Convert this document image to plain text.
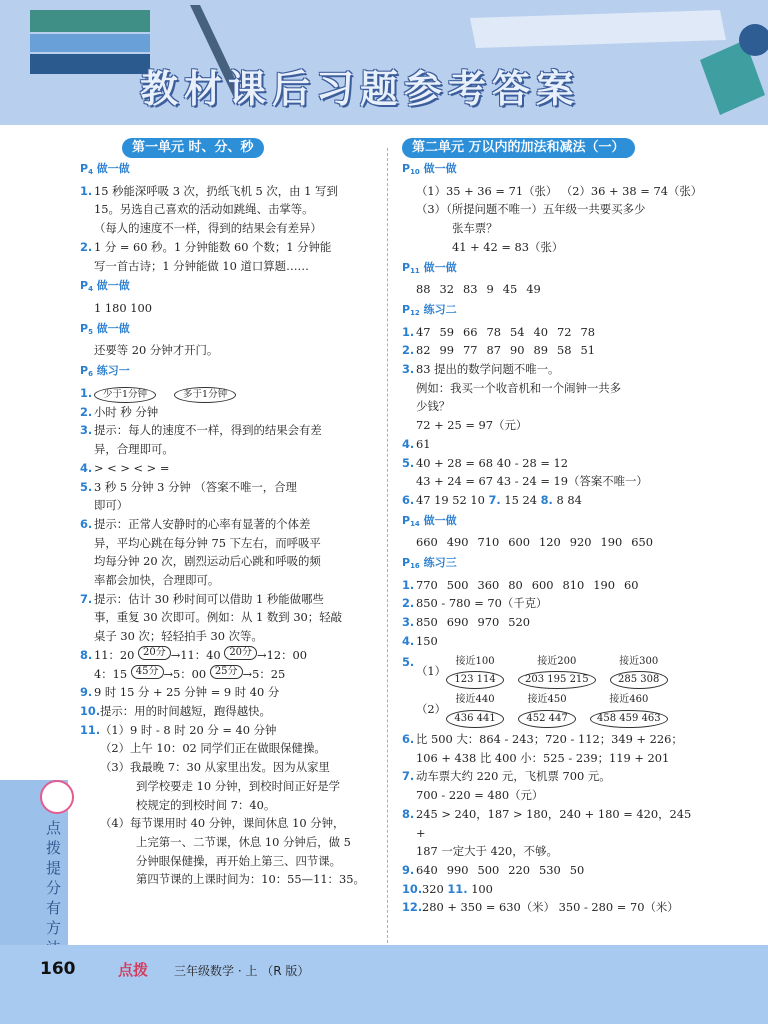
教材课后习题参考答案
第一单元 时、分、秒
$P_4$ 做一做
1. 15 秒能深呼吸 3 次，扔纸飞机 5 次，由 1 写到
15。另选自己喜欢的活动如跳绳、击掌等。
（每人的速度不一样，得到的结果会有差异）
2. 1 分 = 60 秒。1 分钟能数 60 个数；1 分钟能
写一首古诗；1 分钟能做 10 道口算题……
$P_4$ 做一做
1 180 100
$P_5$ 做一做
还要等 20 分钟才开门。
$P_6$ 练习一
1. 少于1分钟	多于1分钟
2. 小时 秒 分钟
3. 提示：每人的速度不一样，得到的结果会有差
异，合理即可。
4. > < > < > =
5. 3 秒 5 分钟 3 分钟 （答案不唯一，合理
即可）
6. 提示：正常人安静时的心率有显著的个体差
异，平均心跳在每分钟 75 下左右，而呼吸平
均每分钟 20 次，剧烈运动后心跳和呼吸的频
率都会加快，合理即可。
7. 提示：估计 30 秒时间可以借助 1 秒能做哪些
事，重复 30 次即可。例如：从 1 数到 30；轻敲
桌子 30 次；轻轻拍手 30 次等。
8. 11：20 20分 →11：40 20分 →12：00
4：15 45分 →5：00 25分 →5：25
9. 9 时 15 分 + 25 分钟 = 9 时 40 分
10. 提示：用的时间越短，跑得越快。
11. （1）9 时 - 8 时 20 分 = 40 分钟
（2）上午 10：02 同学们正在做眼保健操。
（3）我最晚 7：30 从家里出发。因为从家里
到学校要走 10 分钟，到校时间正好是学
校规定的到校时间 7：40。
（4）每节课用时 40 分钟，课间休息 10 分钟，
上完第一、二节课，休息 10 分钟后，做 5
分钟眼保健操，再开始上第三、四节课。
第四节课的上课时间为：10：55—11：35。
第二单元 万以内的加法和减法（一）
$P_{10}$ 做一做
（1）35 + 36 = 71（张） （2）36 + 38 = 74（张）
（3）（所提问题不唯一）五年级一共要买多少
张车票？
41 + 42 = 83（张）
$P_{11}$ 做一做
88 32 83 9 45 49
$P_{12}$ 练习二
1. 47 59 66 78 54 40 72 78
2. 82 99 77 87 90 89 58 51
3. 83 提出的数学问题不唯一。
例如：我买一个收音机和一个闹钟一共多
少钱？
72 + 25 = 97（元）
4. 61
5. 40 + 28 = 68 40 - 28 = 12
43 + 24 = 67 43 - 24 = 19（答案不唯一）
6. 47 19 52 10 7. 15 24 8. 8 84
$P_{14}$ 做一做
660 490 710 600 120 920 190 650
$P_{16}$ 练习三
1. 770 500 360 80 600 810 190 60
2. 850 - 780 = 70（千克）
3. 850 690 970 520
4. 150
5.
（1）
接近100
123 114
接近200
203 195 215
接近300
285 308
（2）
接近440
436 441
接近450
452 447
接近460
458 459 463
6. 比 500 大：864 - 243；720 - 112；349 + 226；
106 + 438 比 400 小：525 - 239；119 + 201
7. 动车票大约 220 元，飞机票 700 元。
700 - 220 = 480（元）
8. 245 > 240，187 > 180，240 + 180 = 420，245 +
187 一定大于 420，不够。
9. 640 990 500 220 530 50
10. 320 11. 100
12. 280 + 350 = 630（米） 350 - 280 = 70（米）
点拨提分有方
160	点拨 三年级数学 · 上 （R 版）
